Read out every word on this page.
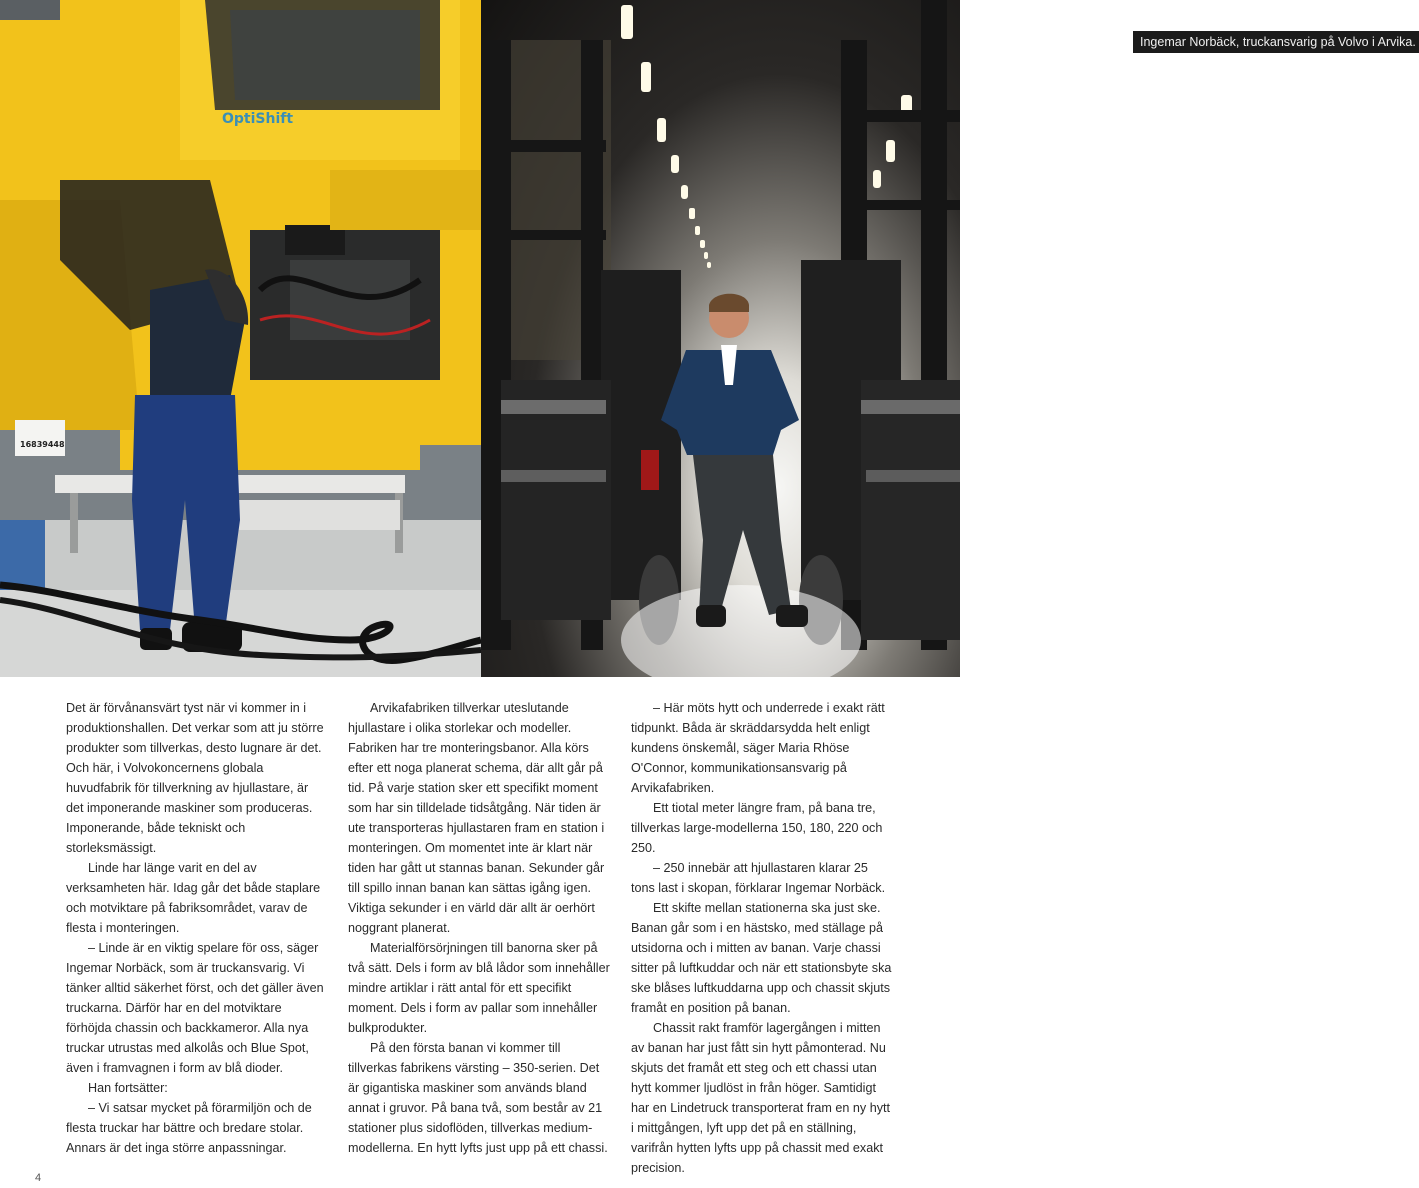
OptiShift
16839448
Ingemar Norbäck, truckansvarig på Volvo i Arvika.

Det är förvånansvärt tyst när vi kommer in i produktionshallen. Det verkar som att ju större produkter som tillverkas, desto lugnare är det. Och här, i Volvokoncernens globala huvudfabrik för tillverkning av hjullastare, är det imponerande maskiner som produceras. Imponerande, både tekniskt och storleksmässigt.

Linde har länge varit en del av verksamheten här. Idag går det både staplare och motviktare på fabriksområdet, varav de flesta i monteringen.

– Linde är en viktig spelare för oss, säger Ingemar Norbäck, som är truckansvarig. Vi tänker alltid säkerhet först, och det gäller även truckarna. Därför har en del motviktare förhöjda chassin och backkameror. Alla nya truckar utrustas med alkolås och Blue Spot, även i framvagnen i form av blå dioder.

Han fortsätter:

– Vi satsar mycket på förarmiljön och de flesta truckar har bättre och bredare stolar. Annars är det inga större anpassningar.

Arvikafabriken tillverkar uteslutande hjullastare i olika storlekar och modeller. Fabriken har tre monteringsbanor. Alla körs efter ett noga planerat schema, där allt går på tid. På varje station sker ett specifikt moment som har sin tilldelade tidsåtgång. När tiden är ute transporteras hjullastaren fram en station i monteringen. Om momentet inte är klart när tiden har gått ut stannas banan. Sekunder går till spillo innan banan kan sättas igång igen. Viktiga sekunder i en värld där allt är oerhört noggrant planerat.

Materialförsörjningen till banorna sker på två sätt. Dels i form av blå lådor som innehåller mindre artiklar i rätt antal för ett specifikt moment. Dels i form av pallar som innehåller bulkprodukter.

På den första banan vi kommer till tillverkas fabrikens värsting – 350-serien. Det är gigantiska maskiner som används bland annat i gruvor. På bana två, som består av 21 stationer plus sidoflöden, tillverkas medium-modellerna. En hytt lyfts just upp på ett chassi.

– Här möts hytt och underrede i exakt rätt tidpunkt. Båda är skräddarsydda helt enligt kundens önskemål, säger Maria Rhöse O'Connor, kommunikationsansvarig på Arvikafabriken.

Ett tiotal meter längre fram, på bana tre, tillverkas large-modellerna 150, 180, 220 och 250.

– 250 innebär att hjullastaren klarar 25 tons last i skopan, förklarar Ingemar Norbäck.

Ett skifte mellan stationerna ska just ske. Banan går som i en hästsko, med ställage på utsidorna och i mitten av banan. Varje chassi sitter på luftkuddar och när ett stationsbyte ska ske blåses luftkuddarna upp och chassit skjuts framåt en position på banan.

Chassit rakt framför lagergången i mitten av banan har just fått sin hytt påmonterad. Nu skjuts det framåt ett steg och ett chassi utan hytt kommer ljudlöst in från höger. Samtidigt har en Lindetruck transporterat fram en ny hytt i mittgången, lyft upp det på en ställning, varifrån hytten lyfts upp på chassit med exakt precision.

4
